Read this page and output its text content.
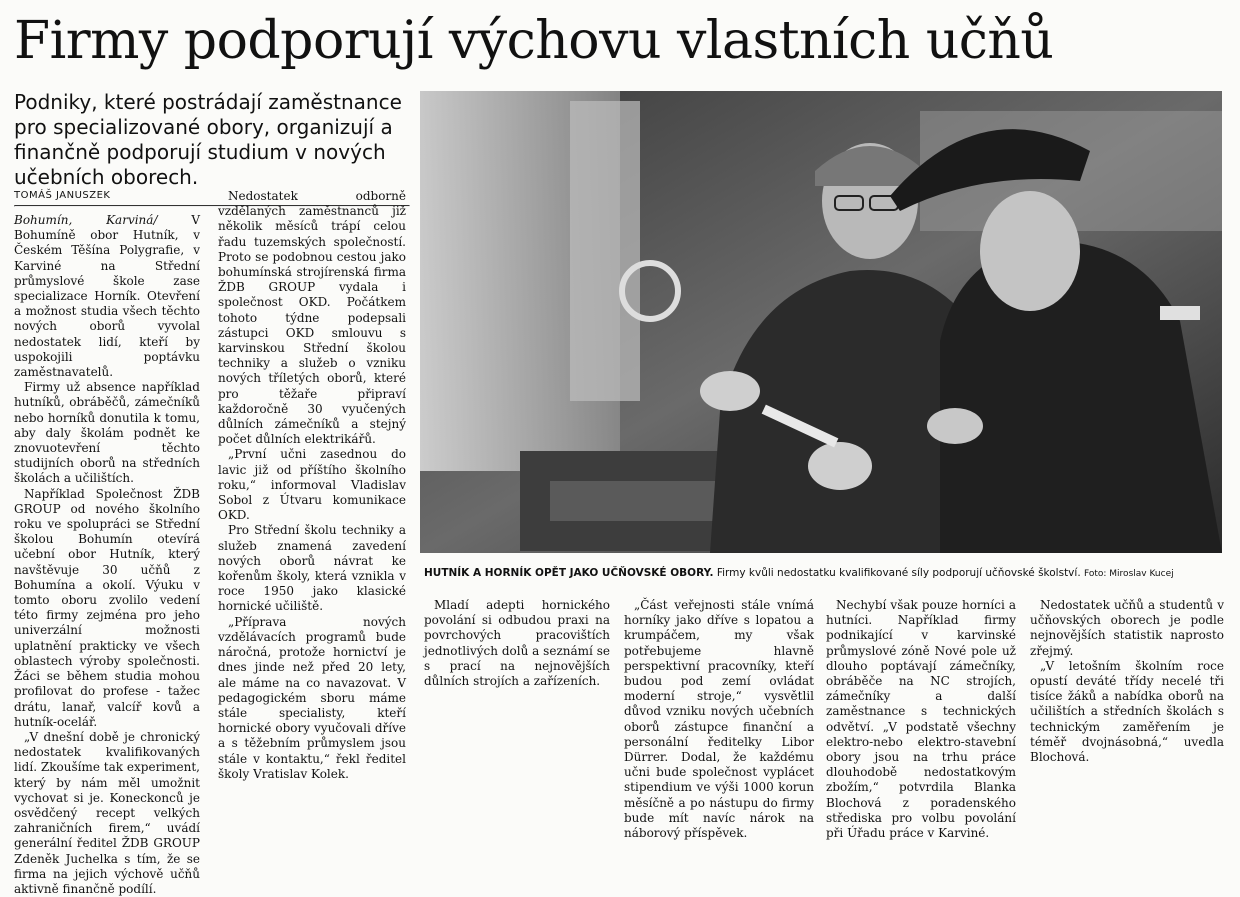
Firmy podporují výchovu vlastních učňů

Podniky, které postrádají zaměstnance pro specializované obory, organizují a finančně podporují studium v nových učebních oborech.

TOMÁŠ JANUSZEK

Bohumín, Karviná/	V Bohumíně obor Hutník, v Českém Těšína Polygrafie, v Karviné na Střední průmyslové škole zase specializace Horník. Otevření a možnost studia všech těchto nových oborů vyvolal nedostatek lidí, kteří by uspokojili poptávku zaměstnavatelů.

Firmy už absence například hutníků, obráběčů, zámečníků nebo horníků donutila k tomu, aby daly školám podnět ke znovuotevření těchto studijních oborů na středních školách a učilištích.

Například Společnost ŽDB GROUP od nového školního roku ve spolupráci se Střední školou Bohumín otevírá učební obor Hutník, který navštěvuje 30 učňů z Bohumína a okolí. Výuku v tomto oboru zvolilo vedení této firmy zejména pro jeho univerzální možnosti uplatnění prakticky ve všech oblastech výroby společnosti. Žáci se během studia mohou profilovat do profese - tažec drátu, lanař, valcíř kovů a hutník-ocelář.

„V dnešní době je chronický nedostatek kvalifikovaných lidí. Zkoušíme tak experiment, který by nám měl umožnit vychovat si je. Koneckonců je osvědčený recept velkých zahraničních firem,“ uvádí generální ředitel ŽDB GROUP Zdeněk Juchelka s tím, že se firma na jejich výchově učňů aktivně finančně podílí.

Nedostatek odborně vzdělaných zaměstnanců již několik měsíců trápí celou řadu tuzemských společností. Proto se podobnou cestou jako bohumínská strojírenská firma ŽDB GROUP vydala i společnost OKD. Počátkem tohoto týdne podepsali zástupci OKD smlouvu s karvinskou Střední školou techniky a služeb o vzniku nových tříletých oborů, které pro těžaře připraví každoročně 30 vyučených důlních zámečníků a stejný počet důlních elektrikářů.

„První učni zasednou do lavic již od příštího školního roku,“ informoval Vladislav Sobol z Útvaru komunikace OKD.

Pro Střední školu techniky a služeb znamená zavedení nových oborů návrat ke kořenům školy, která vznikla v roce 1950 jako klasické hornické učiliště.

„Příprava nových vzdělávacích programů bude náročná, protože hornictví je dnes jinde než před 20 lety, ale máme na co navazovat. V pedagogickém sboru máme stále specialisty, kteří hornické obory vyučovali dříve a s těžebním průmyslem jsou stále v kontaktu,“ řekl ředitel školy Vratislav Kolek.

HUTNÍK A HORNÍK OPĚT JAKO UČŇOVSKÉ OBORY. Firmy kvůli nedostatku kvalifikované síly podporují učňovské školství. Foto: Miroslav Kucej

Mladí adepti hornického povolání si odbudou praxi na povrchových pracovištích jednotlivých dolů a seznámí se s prací na nejnovějších důlních strojích a zařízeních.

„Část veřejnosti stále vnímá horníky jako dříve s lopatou a krumpáčem, my však potřebujeme hlavně perspektivní pracovníky, kteří budou pod zemí ovládat moderní stroje,“ vysvětlil důvod vzniku nových učebních oborů zástupce finanční a personální ředitelky Libor Dürrer. Dodal, že každému učni bude společnost vyplácet stipendium ve výši 1000 korun měsíčně a po nástupu do firmy bude mít navíc nárok na náborový příspěvek.

Nechybí však pouze horníci a hutníci. Například firmy podnikající v karvinské průmyslové zóně Nové pole už dlouho poptávají zámečníky, obráběče na NC strojích, zámečníky a další zaměstnance s technických odvětví. „V podstatě všechny elektro-nebo elektro-stavební obory jsou na trhu práce dlouhodobě nedostatkovým zbožím,“ potvrdila Blanka Blochová z poradenského střediska pro volbu povolání při Úřadu práce v Karviné.

Nedostatek učňů a studentů v učňovských oborech je podle nejnovějších statistik naprosto zřejmý.

„V letošním školním roce opustí deváté třídy necelé tři tisíce žáků a nabídka oborů na učilištích a středních školách s technickým zaměřením je téměř dvojnásobná,“ uvedla Blochová.
